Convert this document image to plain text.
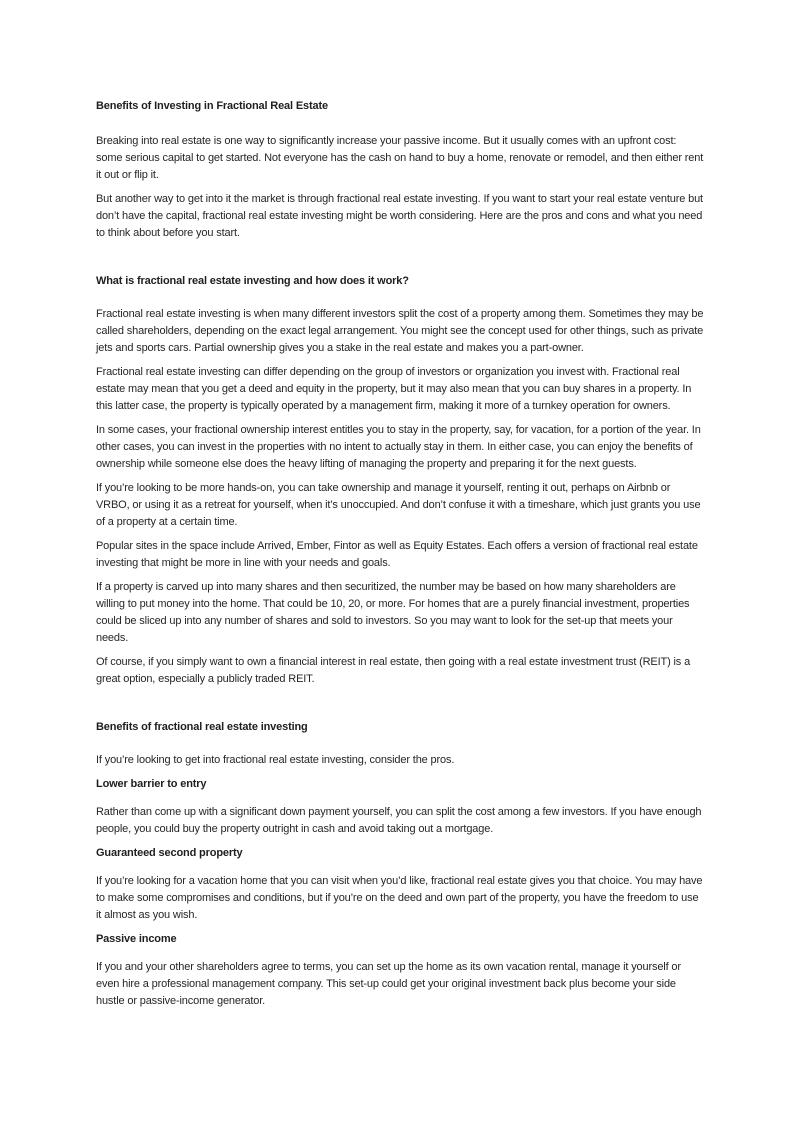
Benefits of Investing in Fractional Real Estate

Breaking into real estate is one way to significantly increase your passive income. But it usually comes with an upfront cost: some serious capital to get started. Not everyone has the cash on hand to buy a home, renovate or remodel, and then either rent it out or flip it.

But another way to get into it the market is through fractional real estate investing. If you want to start your real estate venture but don’t have the capital, fractional real estate investing might be worth considering. Here are the pros and cons and what you need to think about before you start.

What is fractional real estate investing and how does it work?

Fractional real estate investing is when many different investors split the cost of a property among them. Sometimes they may be called shareholders, depending on the exact legal arrangement. You might see the concept used for other things, such as private jets and sports cars. Partial ownership gives you a stake in the real estate and makes you a part-owner.

Fractional real estate investing can differ depending on the group of investors or organization you invest with. Fractional real estate may mean that you get a deed and equity in the property, but it may also mean that you can buy shares in a property. In this latter case, the property is typically operated by a management firm, making it more of a turnkey operation for owners.

In some cases, your fractional ownership interest entitles you to stay in the property, say, for vacation, for a portion of the year. In other cases, you can invest in the properties with no intent to actually stay in them. In either case, you can enjoy the benefits of ownership while someone else does the heavy lifting of managing the property and preparing it for the next guests.

If you’re looking to be more hands-on, you can take ownership and manage it yourself, renting it out, perhaps on Airbnb or VRBO, or using it as a retreat for yourself, when it’s unoccupied. And don’t confuse it with a timeshare, which just grants you use of a property at a certain time.

Popular sites in the space include Arrived, Ember, Fintor as well as Equity Estates. Each offers a version of fractional real estate investing that might be more in line with your needs and goals.

If a property is carved up into many shares and then securitized, the number may be based on how many shareholders are willing to put money into the home. That could be 10, 20, or more. For homes that are a purely financial investment, properties could be sliced up into any number of shares and sold to investors. So you may want to look for the set-up that meets your needs.

Of course, if you simply want to own a financial interest in real estate, then going with a real estate investment trust (REIT) is a great option, especially a publicly traded REIT.

Benefits of fractional real estate investing

If you’re looking to get into fractional real estate investing, consider the pros.

Lower barrier to entry

Rather than come up with a significant down payment yourself, you can split the cost among a few investors. If you have enough people, you could buy the property outright in cash and avoid taking out a mortgage.

Guaranteed second property

If you’re looking for a vacation home that you can visit when you’d like, fractional real estate gives you that choice. You may have to make some compromises and conditions, but if you’re on the deed and own part of the property, you have the freedom to use it almost as you wish.

Passive income

If you and your other shareholders agree to terms, you can set up the home as its own vacation rental, manage it yourself or even hire a professional management company. This set-up could get your original investment back plus become your side hustle or passive-income generator.
